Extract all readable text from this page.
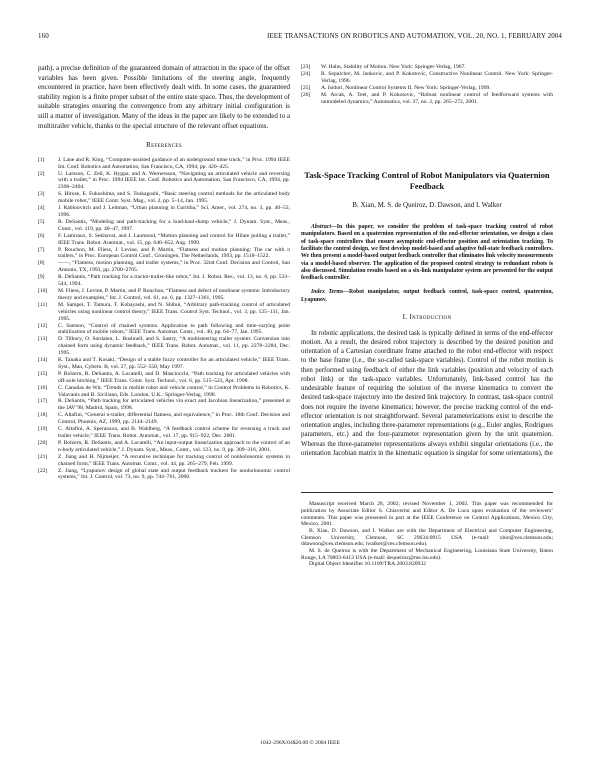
160	IEEE TRANSACTIONS ON ROBOTICS AND AUTOMATION, VOL. 20, NO. 1, FEBRUARY 2004

path), a precise definition of the guaranteed domain of attraction in the space of the offset variables has been given. Possible limitations of the steering angle, frequently encountered in practice, have been effectively dealt with. In some cases, the guaranteed stability region is a finite proper subset of the entire state space. Thus, the development of suitable strategies ensuring the convergence from any arbitrary initial configuration is still a matter of investigation. Many of the ideas in the paper are likely to be extended to a multitrailer vehicle, thanks to the special structure of the relevant offset equations.

References
[1]	J. Lane and R. King, “Computer-assisted guidance of an underground mine truck,” in Proc. 1994 IEEE Int. Conf. Robotics and Automation, San Francisco, CA, 1994, pp. 420–425.
[2]	U. Larsson, C. Zell, K. Hyppa, and A. Wernersson, “Navigating an articulated vehicle and reversing with a trailer,” in Proc. 1994 IEEE Int. Conf. Robotics and Automation, San Francisco, CA, 1994, pp. 2398–2404.
[3]	S. Hirose, E. Fukushima, and S. Tsukagoshi, “Basic steering control methods for the articulated body mobile robot,” IEEE Contr. Syst. Mag., vol. 2, pp. 5–14, Jan. 1995.
[4]	J. Rabinovitch and J. Leitman, “Urban planning in Curitiba,” Sci. Amer., vol. 274, no. 3, pp. 46–53, 1996.
[5]	R. DeSantis, “Modeling and path-tracking for a load-haul-dump vehicle,” J. Dynam. Syst., Meas., Contr., vol. 119, pp. 40–47, 1997.
[6]	F. Lamiraux, S. Sekhavat, and J. Laumond, “Motion planning and control for Hilare pulling a trailer,” IEEE Trans. Robot. Automat., vol. 15, pp. 640–652, Aug. 1999.
[7]	P. Rouchon, M. Fliess, J. Levine, and P. Martin, “Flatness and motion planning: The car with n trailers,” in Proc. European Control Conf., Groningen, The Netherlands, 1993, pp. 1518–1522.
[8]	——, “Flatness, motion planning, and trailer systems,” in Proc. 32nd Conf. Decision and Control, San Antonio, TX, 1993, pp. 2700–2705.
[9]	R. DeSantis, “Path tracking for a tractor-trailer-like robot,” Int. J. Robot. Res., vol. 13, no. 6, pp. 533–544, 1994.
[10]	M. Fliess, J. Levine, P. Martin, and P. Rouchon, “Flatness and defect of nonlinear systems: Introductory theory and examples,” Int. J. Control, vol. 61, no. 6, pp. 1327–1361, 1995.
[11]	M. Sampei, T. Tamura, T. Kobayashi, and N. Shibui, “Arbitrary path-tracking control of articulated vehicles using nonlinear control theory,” IEEE Trans. Control Syst. Technol., vol. 3, pp. 125–131, Jan. 1995.
[12]	C. Samson, “Control of chained systems. Application to path following and time-varying point stabilization of mobile robots,” IEEE Trans. Automat. Contr., vol. 40, pp. 64–77, Jan. 1995.
[13]	D. Tilbury, O. Sordalen, L. Bushnell, and S. Sastry, “A multisteering trailer system: Conversion into chained form using dynamic feedback,” IEEE Trans. Robot. Automat., vol. 11, pp. 2278–2284, Dec. 1995.
[14]	K. Tanaka and T. Kosaki, “Design of a stable fuzzy controller for an articulated vehicle,” IEEE Trans. Syst., Man, Cybern. B, vol. 27, pp. 552–558, May 1997.
[15]	P. Bolzern, R. DeSantis, A. Locatelli, and D. Masciocchi, “Path tracking for articulated vehicles with off-axle hitching,” IEEE Trans. Contr. Syst. Technol., vol. 6, pp. 515–523, Apr. 1998.
[16]	C. Canudas de Wit, “Trends in mobile robot and vehicle control,” in Control Problems in Robotics, K. Valavanis and B. Siciliano, Eds. London, U.K.: Springer-Verlag, 1998.
[17]	R. DeSantis, “Path tracking for articulated vehicles via exact and Jacobian linearization,” presented at the IAV’98, Madrid, Spain, 1998.
[18]	C. Altafini, “General n-trailer, differential flatness, and equivalence,” in Proc. 18th Conf. Decision and Control, Phoenix, AZ, 1999, pp. 2144–2149.
[19]	C. Altafini, A. Speranzon, and B. Wahlberg, “A feedback control scheme for reversing a truck and trailer vehicle,” IEEE Trans. Robot. Automat., vol. 17, pp. 915–922, Dec. 2001.
[20]	P. Bolzern, R. DeSantis, and A. Locatelli, “An input-output linearization approach to the control of an n-body articulated vehicle,” J. Dynam. Syst., Meas., Contr., vol. 123, no. 9, pp. 309–316, 2001.
[21]	Z. Jiang and H. Nijmeijer, “A recursive technique for tracking control of nonholonomic systems in chained form,” IEEE Trans. Automat. Contr., vol. 44, pp. 265–279, Feb. 1999.
[22]	Z. Jiang, “Lyapunov design of global state and output feedback trackers for nonholonomic control systems,” Int. J. Control, vol. 73, no. 9, pp. 744–761, 2000.
[23]	W. Hahn, Stability of Motion. New York: Springer-Verlag, 1967.
[24]	R. Sepulchre, M. Jankovic, and P. Kokotovic, Constructive Nonlinear Control. New York: Springer-Verlag, 1996.
[25]	A. Isidori, Nonlinear Control Systems II. New York: Springer-Verlag, 1999.
[26]	M. Arcak, A. Teel, and P. Kokotovic, “Robust nonlinear control of feedforward systems with unmodeled dynamics,” Automatica, vol. 37, no. 2, pp. 265–272, 2001.
Task-Space Tracking Control of Robot Manipulators via Quaternion Feedback
B. Xian, M. S. de Queiroz, D. Dawson, and I. Walker

Abstract—In this paper, we consider the problem of task-space tracking control of robot manipulators. Based on a quaternion representation of the end-effector orientation, we design a class of task-space controllers that ensure asymptotic end-effector position and orientation tracking. To facilitate the control design, we first develop model-based and adaptive full-state feedback controllers. We then present a model-based output feedback controller that eliminates link velocity measurements via a model-based observer. The application of the proposed control strategy to redundant robots is also discussed. Simulation results based on a six-link manipulator system are presented for the output feedback controller.

Index Terms—Robot manipulator, output feedback control, task-space control, quaternion, Lyapunov.

I. Introduction

In robotic applications, the desired task is typically defined in terms of the end-effector motion. As a result, the desired robot trajectory is described by the desired position and orientation of a Cartesian coordinate frame attached to the robot end-effector with respect to the base frame (i.e., the so-called task-space variables). Control of the robot motion is then performed using feedback of either the link variables (position and velocity of each robot link) or the task-space variables. Unfortunately, link-based control has the undesirable feature of requiring the solution of the inverse kinematics to convert the desired task-space trajectory into the desired link trajectory. In contrast, task-space control does not require the inverse kinematics; however, the precise tracking control of the end-effector orientation is not straightforward. Several parameterizations exist to describe the orientation angles, including three-parameter representations (e.g., Euler angles, Rodrigues parameters, etc.) and the four-parameter representation given by the unit quaternion. Whereas the three-parameter representations always exhibit singular orientations (i.e., the orientation Jacobian matrix in the kinematic equation is singular for some orientations), the

Manuscript received March 28, 2002; revised November 1, 2002. This paper was recommended for publication by Associate Editor S. Chiaverini and Editor A. De Luca upon evaluation of the reviewers’ comments. This paper was presented in part at the IEEE Conference on Control Applications, Mexico City, Mexico, 2001.

B. Xian, D. Dawson, and I. Walker are with the Department of Electrical and Computer Engineering, Clemson University, Clemson, SC 29634-0915 USA (e-mail: xbin@ces.clemson.edu; ddawson@ces.clemson.edu; iwalker@ces.clemson.edu).

M. S. de Queiroz is with the Department of Mechanical Engineering, Louisiana State University, Baton Rouge, LA 70803-6413 USA (e-mail: dequeiroz@me.lsu.edu).

Digital Object Identifier 10.1109/TRA.2003.820932

1042-296X/04$20.00 © 2004 IEEE
